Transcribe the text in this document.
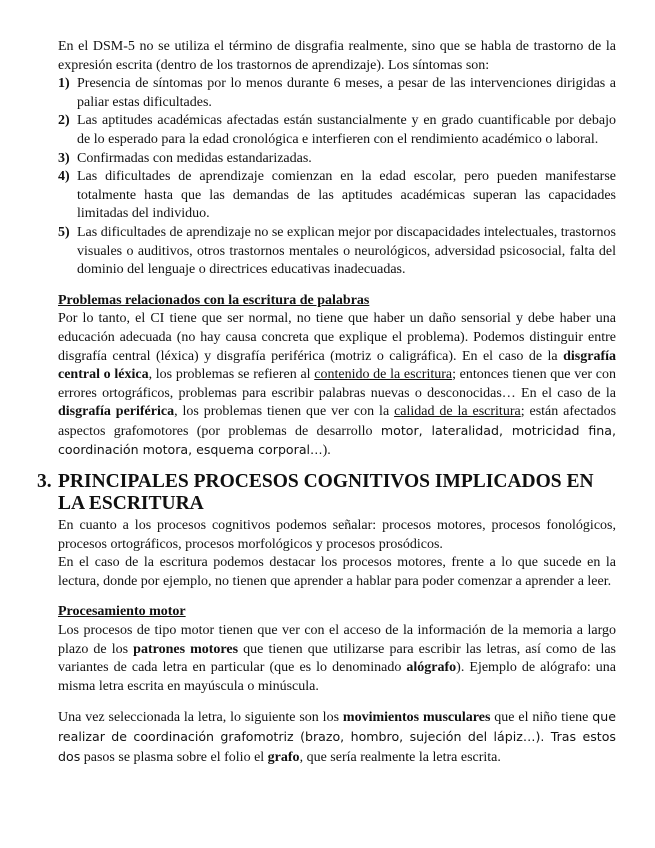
En el DSM-5 no se utiliza el término de disgrafia realmente, sino que se habla de trastorno de la expresión escrita (dentro de los trastornos de aprendizaje). Los síntomas son:

1) Presencia de síntomas por lo menos durante 6 meses, a pesar de las intervenciones dirigidas a paliar estas dificultades.
2) Las aptitudes académicas afectadas están sustancialmente y en grado cuantificable por debajo de lo esperado para la edad cronológica e interfieren con el rendimiento académico o laboral.
3) Confirmadas con medidas estandarizadas.
4) Las dificultades de aprendizaje comienzan en la edad escolar, pero pueden manifestarse totalmente hasta que las demandas de las aptitudes académicas superan las capacidades limitadas del individuo.
5) Las dificultades de aprendizaje no se explican mejor por discapacidades intelectuales, trastornos visuales o auditivos, otros trastornos mentales o neurológicos, adversidad psicosocial, falta del dominio del lenguaje o directrices educativas inadecuadas.

Problemas relacionados con la escritura de palabras

Por lo tanto, el CI tiene que ser normal, no tiene que haber un daño sensorial y debe haber una educación adecuada (no hay causa concreta que explique el problema). Podemos distinguir entre disgrafía central (léxica) y disgrafía periférica (motriz o caligráfica). En el caso de la disgrafía central o léxica, los problemas se refieren al contenido de la escritura; entonces tienen que ver con errores ortográficos, problemas para escribir palabras nuevas o desconocidas… En el caso de la disgrafía periférica, los problemas tienen que ver con la calidad de la escritura; están afectados aspectos grafomotores (por problemas de desarrollo motor, lateralidad, motricidad fina, coordinación motora, esquema corporal…).

3. PRINCIPALES PROCESOS COGNITIVOS IMPLICADOS EN LA ESCRITURA

En cuanto a los procesos cognitivos podemos señalar: procesos motores, procesos fonológicos, procesos ortográficos, procesos morfológicos y procesos prosódicos.

En el caso de la escritura podemos destacar los procesos motores, frente a lo que sucede en la lectura, donde por ejemplo, no tienen que aprender a hablar para poder comenzar a aprender a leer.

Procesamiento motor

Los procesos de tipo motor tienen que ver con el acceso de la información de la memoria a largo plazo de los patrones motores que tienen que utilizarse para escribir las letras, así como de las variantes de cada letra en particular (que es lo denominado alógrafo). Ejemplo de alógrafo: una misma letra escrita en mayúscula o minúscula.

Una vez seleccionada la letra, lo siguiente son los movimientos musculares que el niño tiene que realizar de coordinación grafomotriz (brazo, hombro, sujeción del lápiz…). Tras estos dos pasos se plasma sobre el folio el grafo, que sería realmente la letra escrita.
